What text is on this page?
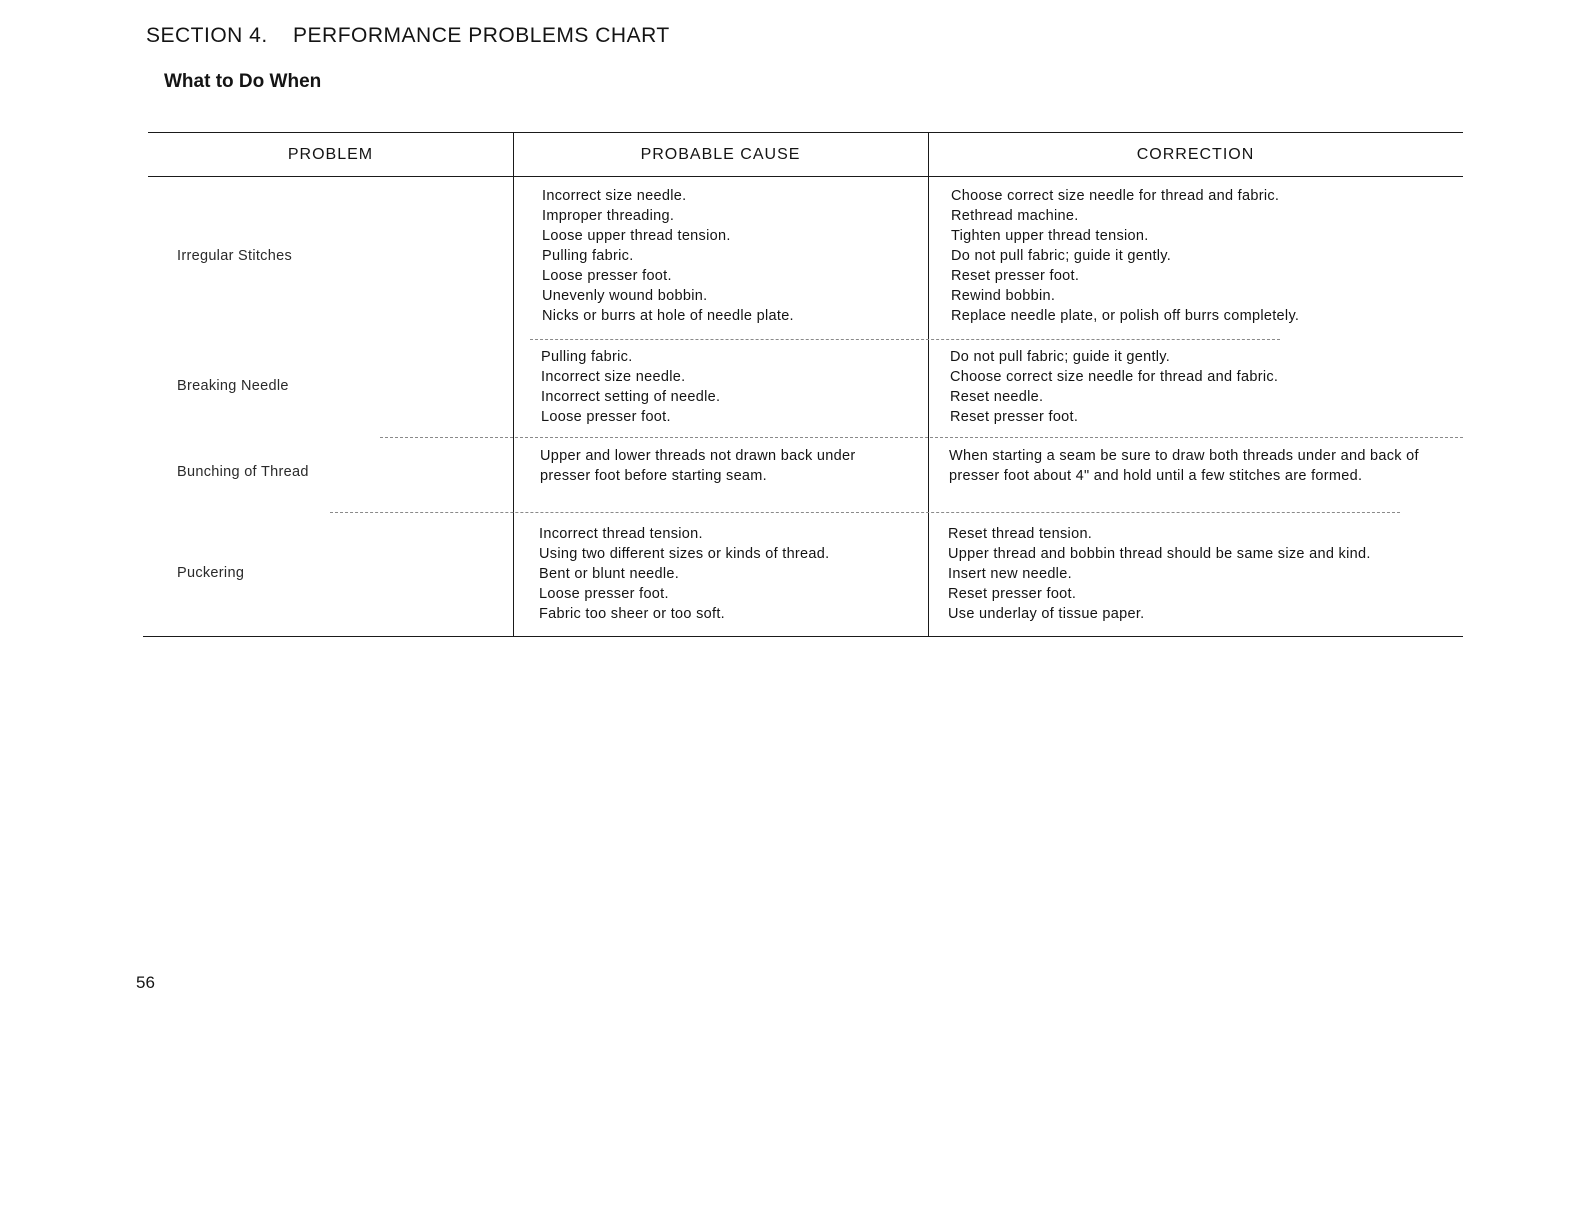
SECTION 4.    PERFORMANCE PROBLEMS CHART
What to Do When
PROBLEM	PROBABLE CAUSE	CORRECTION
Irregular Stitches
Incorrect size needle.
Improper threading.
Loose upper thread tension.
Pulling fabric.
Loose presser foot.
Unevenly wound bobbin.
Nicks or burrs at hole of needle plate.
Choose correct size needle for thread and fabric.
Rethread machine.
Tighten upper thread tension.
Do not pull fabric; guide it gently.
Reset presser foot.
Rewind bobbin.
Replace needle plate, or polish off burrs completely.
Breaking Needle
Pulling fabric.
Incorrect size needle.
Incorrect setting of needle.
Loose presser foot.
Do not pull fabric; guide it gently.
Choose correct size needle for thread and fabric.
Reset needle.
Reset presser foot.
Bunching of Thread
Upper and lower threads not drawn back under presser foot before starting seam.
When starting a seam be sure to draw both threads under and back of presser foot about 4" and hold until a few stitches are formed.
Puckering
Incorrect thread tension.
Using two different sizes or kinds of thread.
Bent or blunt needle.
Loose presser foot.
Fabric too sheer or too soft.
Reset thread tension.
Upper thread and bobbin thread should be same size and kind.
Insert new needle.
Reset presser foot.
Use underlay of tissue paper.
56
